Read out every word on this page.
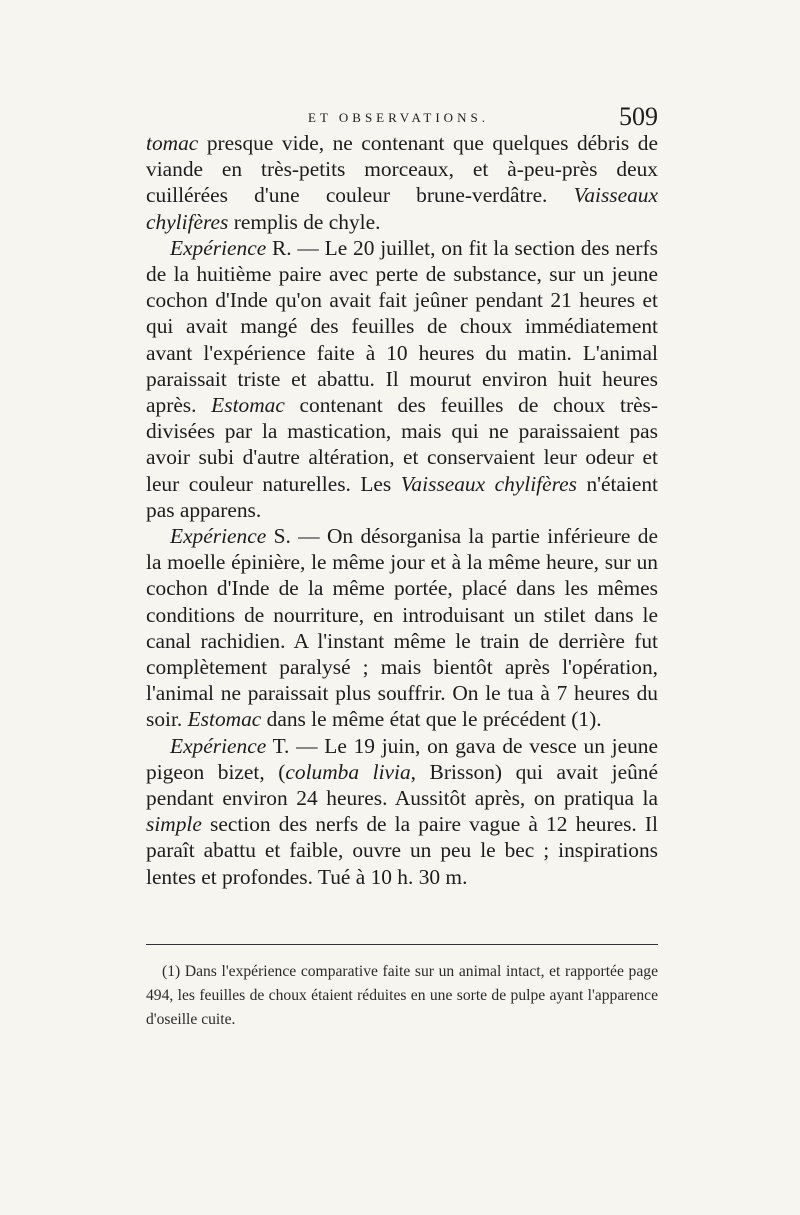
ET OBSERVATIONS.	509

tomac presque vide, ne contenant que quelques débris de viande en très-petits morceaux, et à-peu-près deux cuillérées d'une couleur brune-verdâtre. Vaisseaux chylifères remplis de chyle.

Expérience R. — Le 20 juillet, on fit la section des nerfs de la huitième paire avec perte de substance, sur un jeune cochon d'Inde qu'on avait fait jeûner pendant 21 heures et qui avait mangé des feuilles de choux immédiatement avant l'expérience faite à 10 heures du matin. L'animal paraissait triste et abattu. Il mourut environ huit heures après. Estomac contenant des feuilles de choux très-divisées par la mastication, mais qui ne paraissaient pas avoir subi d'autre altération, et conservaient leur odeur et leur couleur naturelles. Les Vaisseaux chylifères n'étaient pas apparens.

Expérience S. — On désorganisa la partie inférieure de la moelle épinière, le même jour et à la même heure, sur un cochon d'Inde de la même portée, placé dans les mêmes conditions de nourriture, en introduisant un stilet dans le canal rachidien. A l'instant même le train de derrière fut complètement paralysé ; mais bientôt après l'opération, l'animal ne paraissait plus souffrir. On le tua à 7 heures du soir. Estomac dans le même état que le précédent (1).

Expérience T. — Le 19 juin, on gava de vesce un jeune pigeon bizet, (columba livia, Brisson) qui avait jeûné pendant environ 24 heures. Aussitôt après, on pratiqua la simple section des nerfs de la paire vague à 12 heures. Il paraît abattu et faible, ouvre un peu le bec ; inspirations lentes et profondes. Tué à 10 h. 30 m.

(1) Dans l'expérience comparative faite sur un animal intact, et rapportée page 494, les feuilles de choux étaient réduites en une sorte de pulpe ayant l'apparence d'oseille cuite.
